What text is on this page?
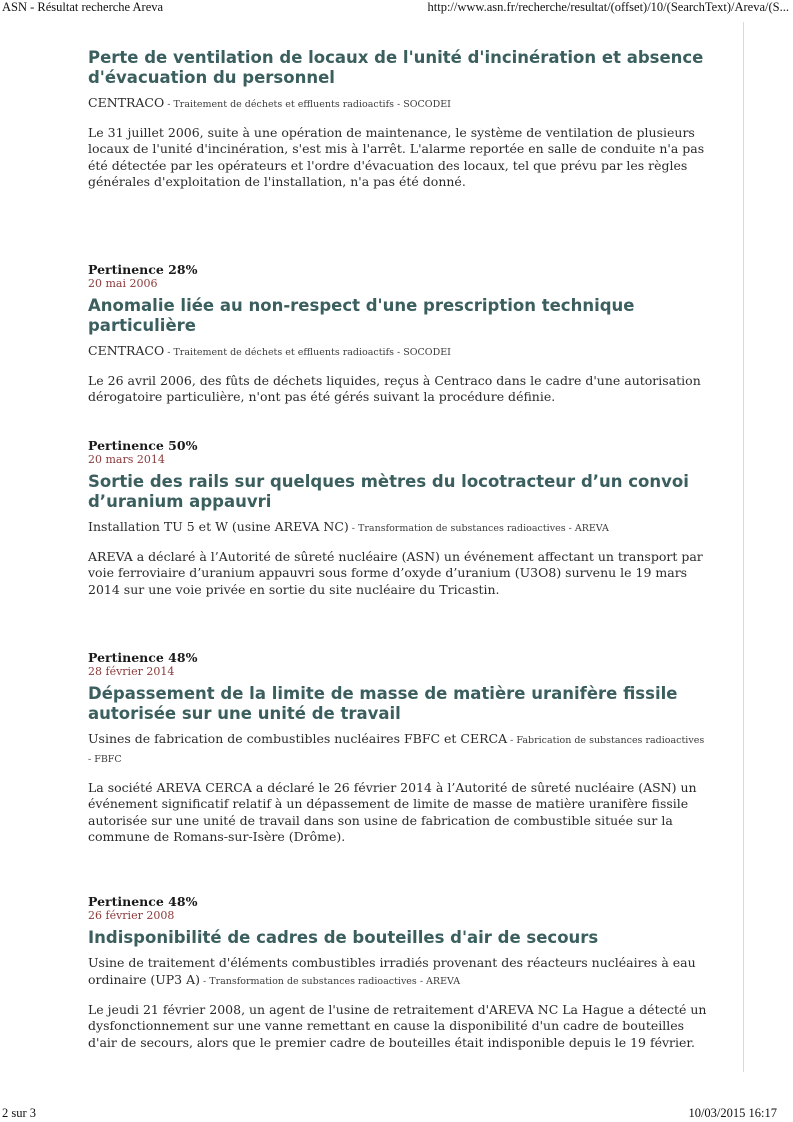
ASN - Résultat recherche Areva	http://www.asn.fr/recherche/resultat/(offset)/10/(SearchText)/Areva/(S...
Perte de ventilation de locaux de l'unité d'incinération et absence d'évacuation du personnel
CENTRACO - Traitement de déchets et effluents radioactifs - SOCODEI
Le 31 juillet 2006, suite à une opération de maintenance, le système de ventilation de plusieurs locaux de l'unité d'incinération, s'est mis à l'arrêt. L'alarme reportée en salle de conduite n'a pas été détectée par les opérateurs et l'ordre d'évacuation des locaux, tel que prévu par les règles générales d'exploitation de l'installation, n'a pas été donné.
Pertinence 28%
20 mai 2006
Anomalie liée au non-respect d'une prescription technique particulière
CENTRACO - Traitement de déchets et effluents radioactifs - SOCODEI
Le 26 avril 2006, des fûts de déchets liquides, reçus à Centraco dans le cadre d'une autorisation dérogatoire particulière, n'ont pas été gérés suivant la procédure définie.
Pertinence 50%
20 mars 2014
Sortie des rails sur quelques mètres du locotracteur d’un convoi d’uranium appauvri
Installation TU 5 et W (usine AREVA NC) - Transformation de substances radioactives - AREVA
AREVA a déclaré à l’Autorité de sûreté nucléaire (ASN) un événement affectant un transport par voie ferroviaire d’uranium appauvri sous forme d’oxyde d’uranium (U3O8) survenu le 19 mars 2014 sur une voie privée en sortie du site nucléaire du Tricastin.
Pertinence 48%
28 février 2014
Dépassement de la limite de masse de matière uranifère fissile autorisée sur une unité de travail
Usines de fabrication de combustibles nucléaires FBFC et CERCA - Fabrication de substances radioactives - FBFC
La société AREVA CERCA a déclaré le 26 février 2014 à l’Autorité de sûreté nucléaire (ASN) un événement significatif relatif à un dépassement de limite de masse de matière uranifère fissile autorisée sur une unité de travail dans son usine de fabrication de combustible située sur la commune de Romans-sur-Isère (Drôme).
Pertinence 48%
26 février 2008
Indisponibilité de cadres de bouteilles d'air de secours
Usine de traitement d'éléments combustibles irradiés provenant des réacteurs nucléaires à eau ordinaire (UP3 A) - Transformation de substances radioactives - AREVA
Le jeudi 21 février 2008, un agent de l'usine de retraitement d'AREVA NC La Hague a détecté un dysfonctionnement sur une vanne remettant en cause la disponibilité d'un cadre de bouteilles d'air de secours, alors que le premier cadre de bouteilles était indisponible depuis le 19 février.
2 sur 3	10/03/2015 16:17
